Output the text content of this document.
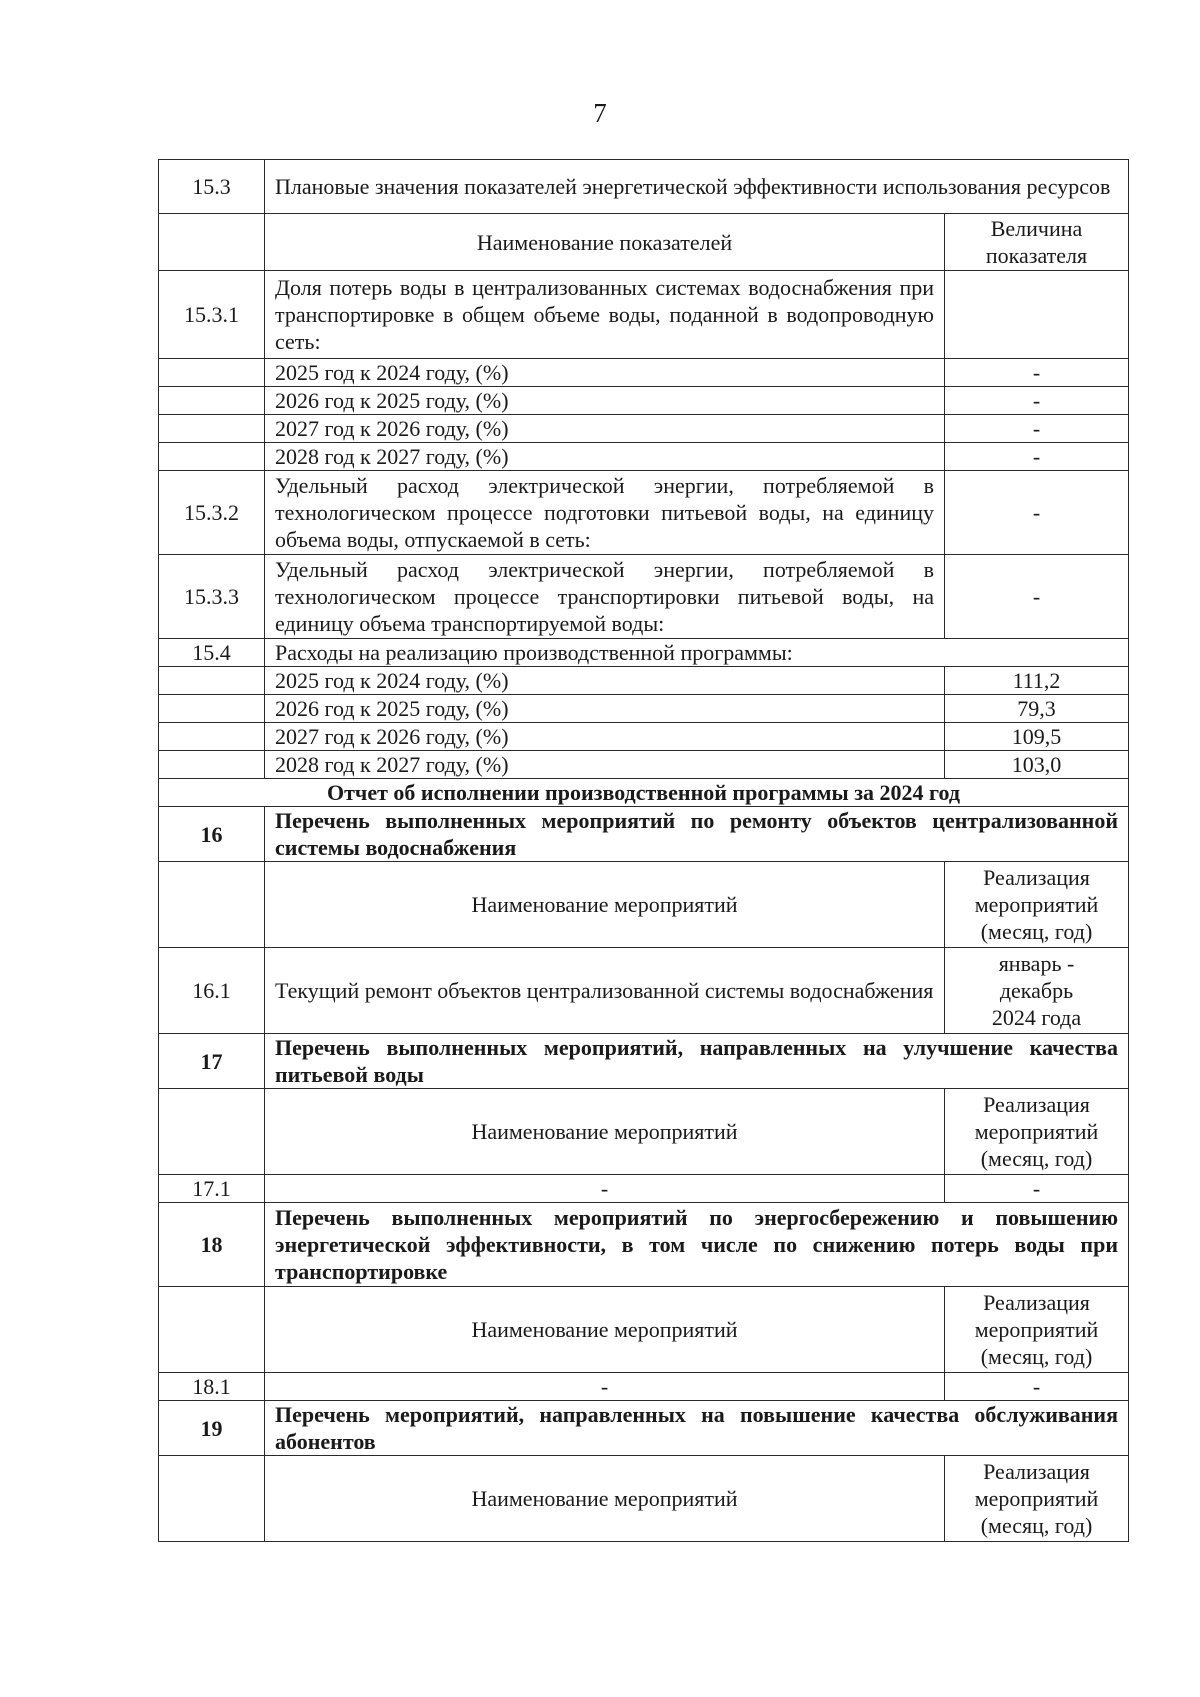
7
15.3	Плановые значения показателей энергетической эффективности использования ресурсов	
	Наименование показателей	Величина
показателя

15.3.1	Доля потерь воды в централизованных системах водоснабжения при транспортировке в общем объеме воды, поданной в водопроводную сеть:	
	2025 год к 2024 году, (%)	-
	2026 год к 2025 году, (%)	-
	2027 год к 2026 году, (%)	-
	2028 год к 2027 году, (%)	-
15.3.2	Удельный расход электрической энергии, потребляемой в технологическом процессе подготовки питьевой воды, на единицу объема воды, отпускаемой в сеть:	-
15.3.3	Удельный расход электрической энергии, потребляемой в технологическом процессе транспортировки питьевой воды, на единицу объема транспортируемой воды:	-
15.4	Расходы на реализацию производственной программы:	
	2025 год к 2024 году, (%)	111,2
	2026 год к 2025 году, (%)	79,3
	2027 год к 2026 году, (%)	109,5
	2028 год к 2027 году, (%)	103,0
Отчет об исполнении производственной программы за 2024 год		
16	Перечень выполненных мероприятий по ремонту объектов централизованной системы водоснабжения	
	Наименование мероприятий	Реализация
мероприятий
(месяц, год)

16.1	Текущий ремонт объектов централизованной системы водоснабжения	январь -
декабрь
2024 года

17	Перечень выполненных мероприятий, направленных на улучшение качества питьевой воды	
	Наименование мероприятий	Реализация
мероприятий
(месяц, год)

17.1	-	-
18	Перечень выполненных мероприятий по энергосбережению и повышению энергетической эффективности, в том числе по снижению потерь воды при транспортировке	
	Наименование мероприятий	Реализация
мероприятий
(месяц, год)

18.1	-	-
19	Перечень мероприятий, направленных на повышение качества обслуживания абонентов	
	Наименование мероприятий	Реализация
мероприятий
(месяц, год)
